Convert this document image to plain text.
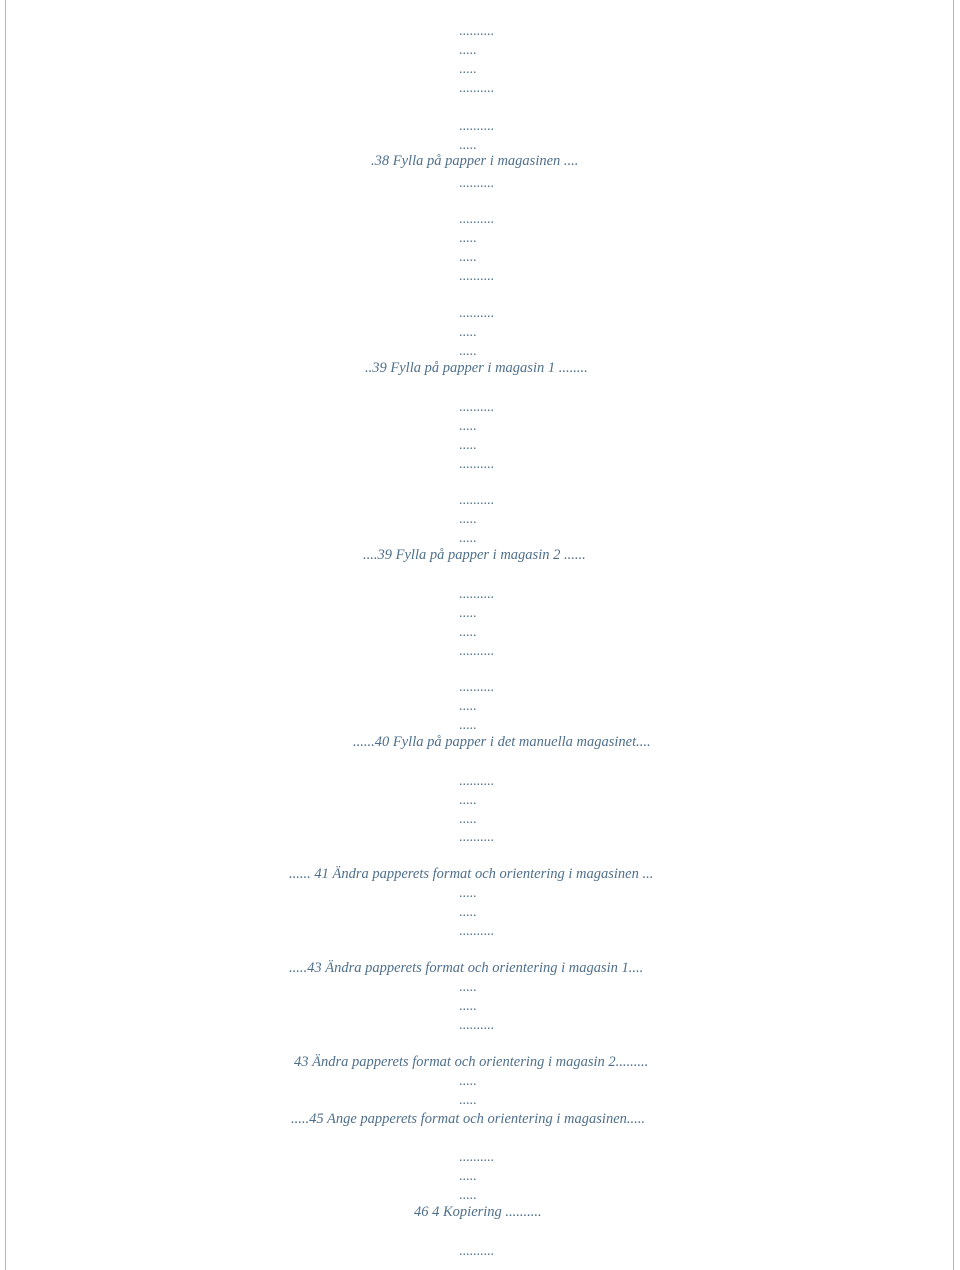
..........

.....

.....

..........

..........

.....

.38 Fylla på papper i magasinen ....

..........

..........

.....

.....

..........

..........

.....

.....

..39 Fylla på papper i magasin 1 ........

..........

.....

.....

..........

..........

.....

.....

....39 Fylla på papper i magasin 2 ......

..........

.....

.....

..........

..........

.....

.....

......40 Fylla på papper i det manuella magasinet....

..........

.....

.....

..........

...... 41 Ändra papperets format och orientering i magasinen ...

.....

.....

..........

.....43 Ändra papperets format och orientering i magasin 1....

.....

.....

..........

43 Ändra papperets format och orientering i magasin 2.........

.....

.....

.....45 Ange papperets format och orientering i magasinen.....

..........

.....

.....

46 4 Kopiering ..........

..........
